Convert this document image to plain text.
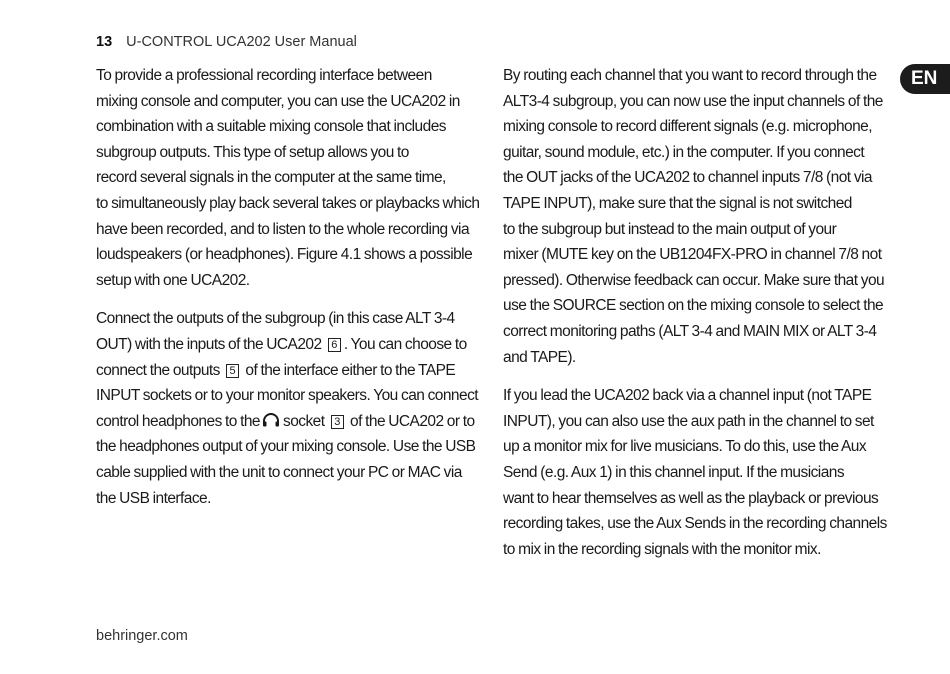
13 U-CONTROL UCA202 User Manual
EN

To provide a professional recording interface between
mixing console and computer, you can use the UCA202 in
combination with a suitable mixing console that includes
subgroup outputs. This type of setup allows you to
record several signals in the computer at the same time,
to simultaneously play back several takes or playbacks which
have been recorded, and to listen to the whole recording via
loudspeakers (or headphones). Figure 4.1 shows a possible
setup with one UCA202.

Connect the outputs of the subgroup (in this case ALT 3-4
OUT) with the inputs of the UCA202 6 . You can choose to
connect the outputs 5 of the interface either to the TAPE
INPUT sockets or to your monitor speakers. You can connect
control headphones to the socket 3 of the UCA202 or to
the headphones output of your mixing console. Use the USB
cable supplied with the unit to connect your PC or MAC via
the USB interface.

By routing each channel that you want to record through the
ALT3-4 subgroup, you can now use the input channels of the
mixing console to record different signals (e.g. microphone,
guitar, sound module, etc.) in the computer. If you connect
the OUT jacks of the UCA202 to channel inputs 7/8 (not via
TAPE INPUT), make sure that the signal is not switched
to the subgroup but instead to the main output of your
mixer (MUTE key on the UB1204FX-PRO in channel 7/8 not
pressed). Otherwise feedback can occur. Make sure that you
use the SOURCE section on the mixing console to select the
correct monitoring paths (ALT 3-4 and MAIN MIX or ALT 3-4
and TAPE).

If you lead the UCA202 back via a channel input (not TAPE
INPUT), you can also use the aux path in the channel to set
up a monitor mix for live musicians. To do this, use the Aux
Send (e.g. Aux 1) in this channel input. If the musicians
want to hear themselves as well as the playback or previous
recording takes, use the Aux Sends in the recording channels
to mix in the recording signals with the monitor mix.

behringer.com
